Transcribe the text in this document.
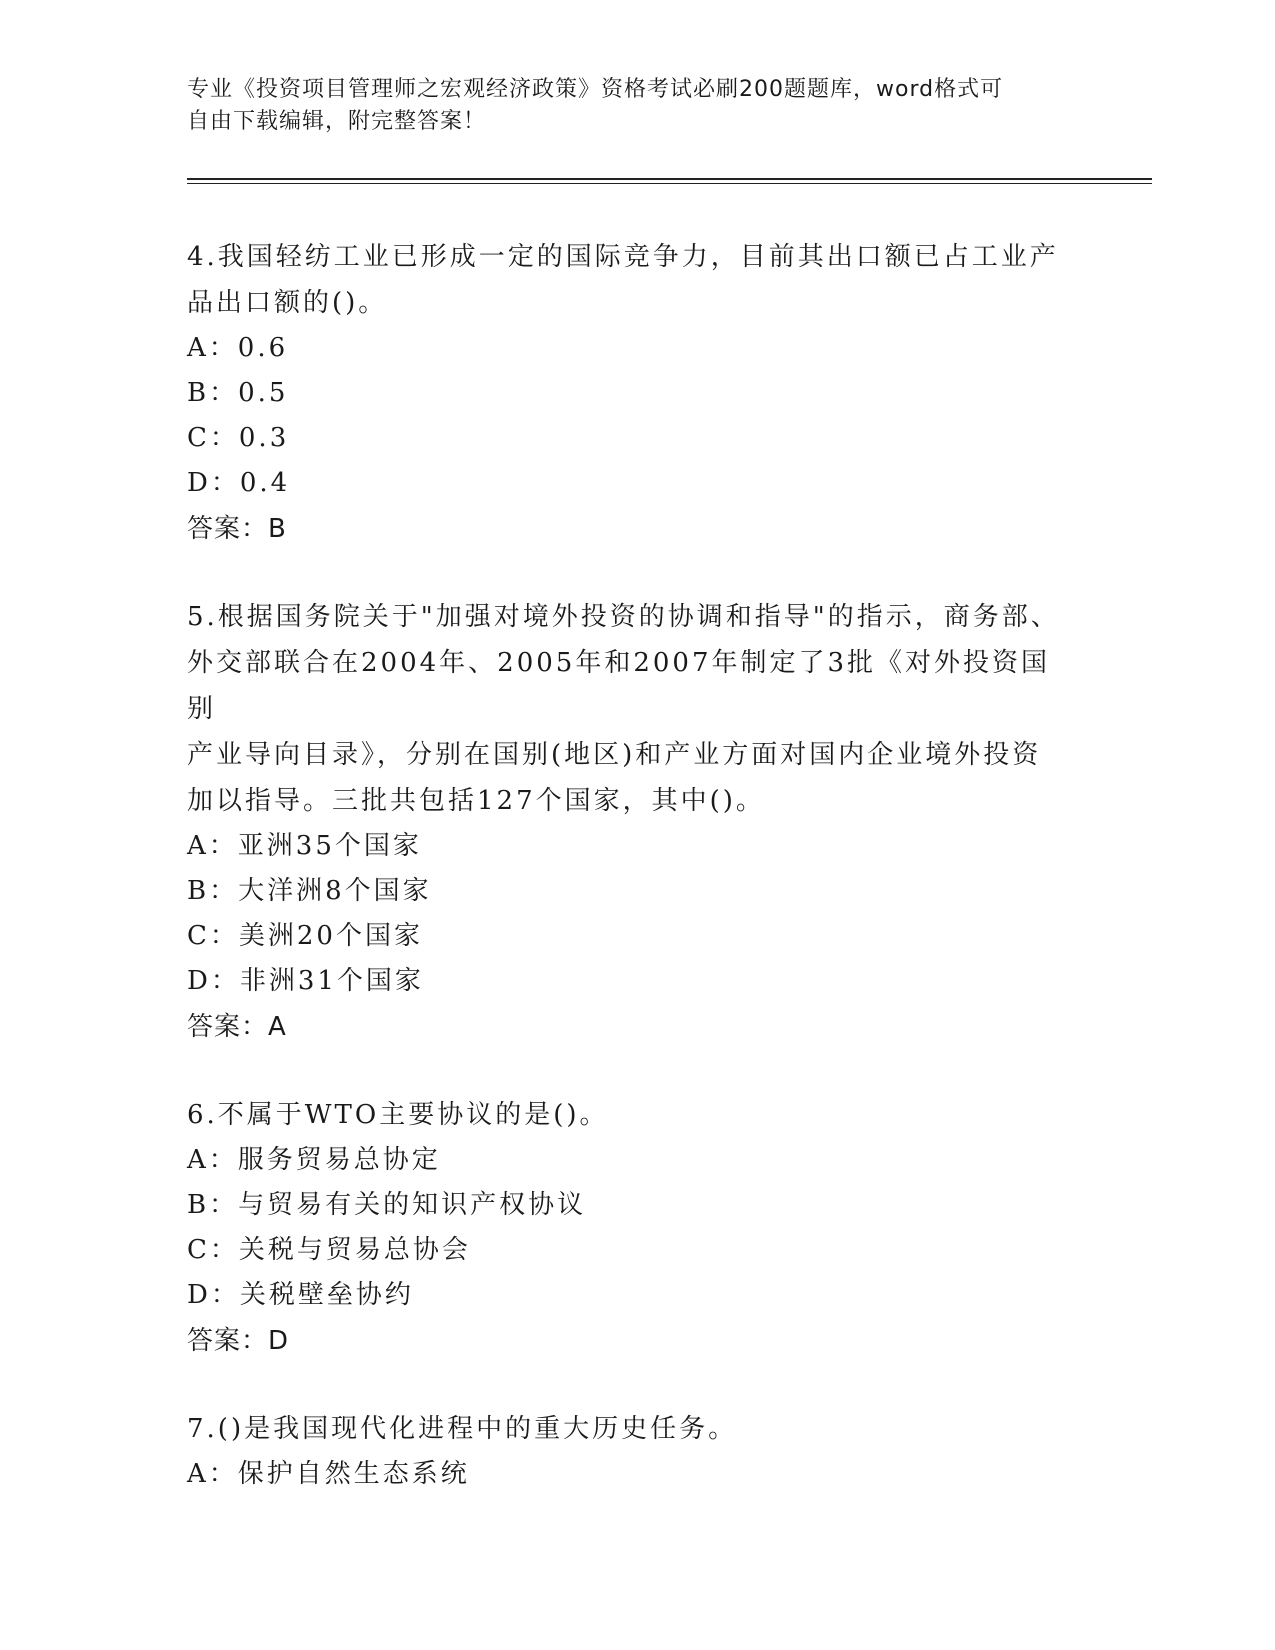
专业《投资项目管理师之宏观经济政策》资格考试必刷200题题库，word格式可
自由下载编辑，附完整答案！
4.我国轻纺工业已形成一定的国际竞争力，目前其出口额已占工业产
品出口额的()。
A：0.6
B：0.5
C：0.3
D：0.4
答案：B
5.根据国务院关于"加强对境外投资的协调和指导"的指示，商务部、
外交部联合在2004年、2005年和2007年制定了3批《对外投资国别
产业导向目录》，分别在国别(地区)和产业方面对国内企业境外投资
加以指导。三批共包括127个国家，其中()。
A：亚洲35个国家
B：大洋洲8个国家
C：美洲20个国家
D：非洲31个国家
答案：A
6.不属于WTO主要协议的是()。
A：服务贸易总协定
B：与贸易有关的知识产权协议
C：关税与贸易总协会
D：关税壁垒协约
答案：D
7.()是我国现代化进程中的重大历史任务。
A：保护自然生态系统
